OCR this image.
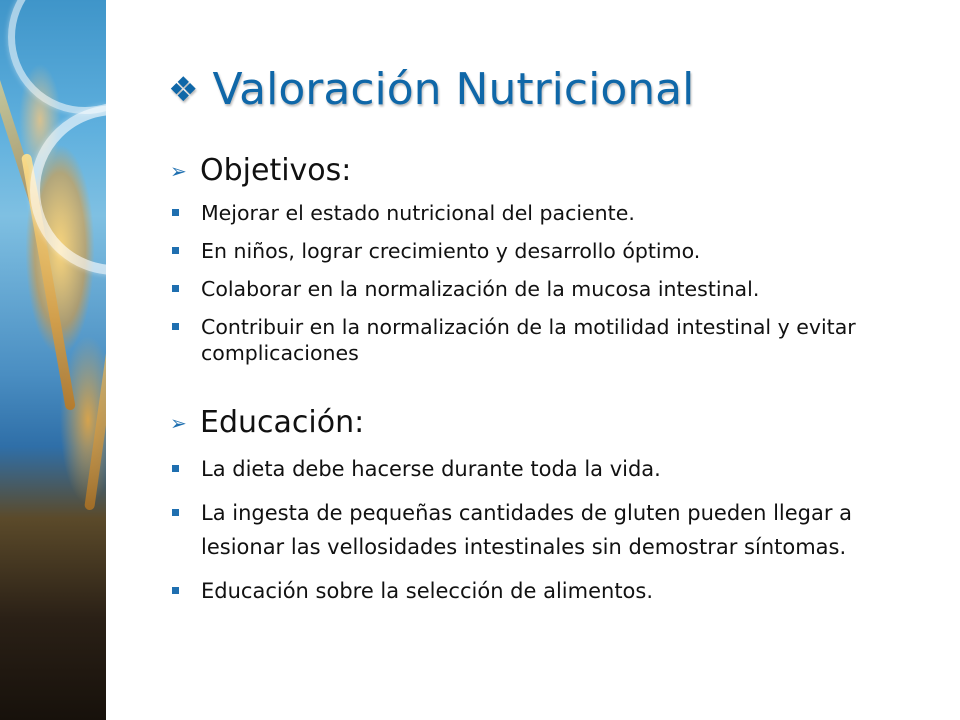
❖ Valoración Nutricional
➢ Objetivos:
Mejorar el estado nutricional del paciente.
En niños, lograr crecimiento y desarrollo óptimo.
Colaborar en la normalización de la mucosa intestinal.
Contribuir en la normalización de la motilidad intestinal y evitar complicaciones
➢ Educación:
La dieta debe hacerse durante toda la vida.
La ingesta de pequeñas cantidades de gluten pueden llegar a lesionar las vellosidades intestinales sin demostrar síntomas.
Educación sobre la selección de alimentos.
